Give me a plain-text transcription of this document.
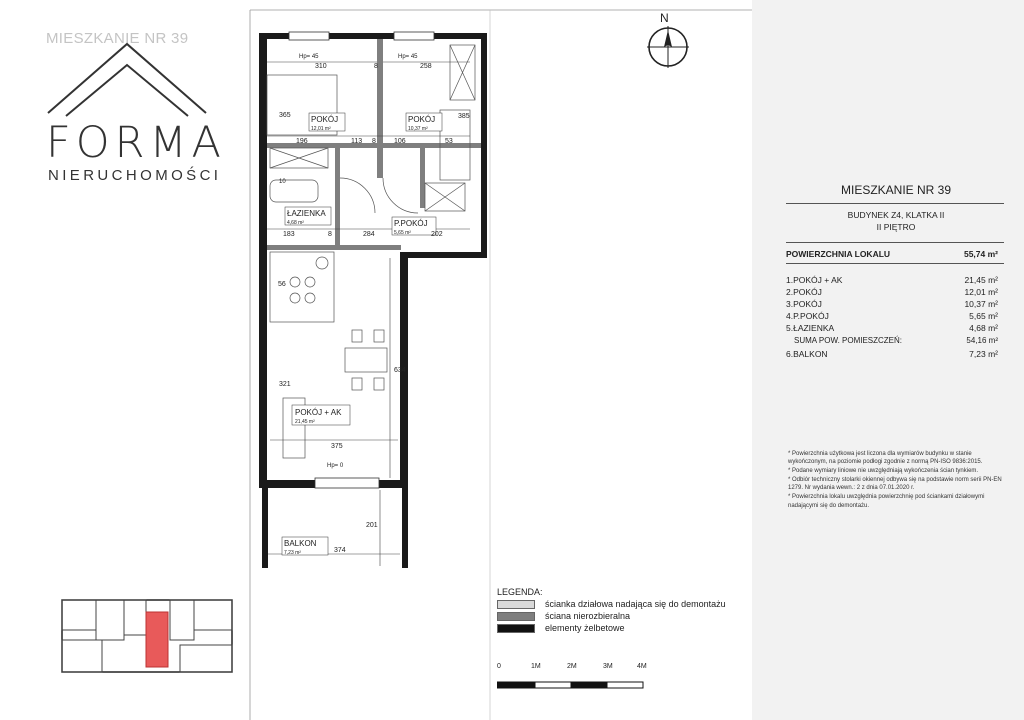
MIESZKANIE NR 39
FORMA
NIERUCHOMOŚCI
N
POKÓJ
12,01 m²
POKÓJ
10,37 m²
ŁAZIENKA
4,68 m²	P.POKÓJ
5,65 m²
POKÓJ + AK
21,45 m²
BALKON
7,23 m²
Hp= 45	Hp= 45
Hp= 0
310	8	258
385
365
196	113 8	106	53
183	8	284	202
56
634
321
375
201
374
10
LEGENDA:
ścianka działowa nadająca się do demontażu
ściana nierozbieralna
elementy żelbetowe
0	1M	2M	3M	4M
MIESZKANIE NR 39
BUDYNEK Z4, KLATKA II
II PIĘTRO
POWIERZCHNIA LOKALU	55,74 m²
1.POKÓJ + AK	21,45 m²
2.POKÓJ	12,01 m²
3.POKÓJ	10,37 m²
4.P.POKÓJ	5,65 m²
5.ŁAZIENKA	4,68 m²
SUMA POW. POMIESZCZEŃ:	54,16 m²
6.BALKON	7,23 m²

* Powierzchnia użytkowa jest liczona dla wymiarów budynku w stanie wykończonym, na poziomie podłogi zgodnie z normą PN-ISO 9836:2015.

* Podane wymiary liniowe nie uwzględniają wykończenia ścian tynkiem.

* Odbiór techniczny stolarki okiennej odbywa się na podstawie norm serii PN-EN 1279. Nr wydania wewn.: 2 z dnia 07.01.2020 r.

* Powierzchnia lokalu uwzględnia powierzchnię pod ściankami działowymi nadającymi się do demontażu.
